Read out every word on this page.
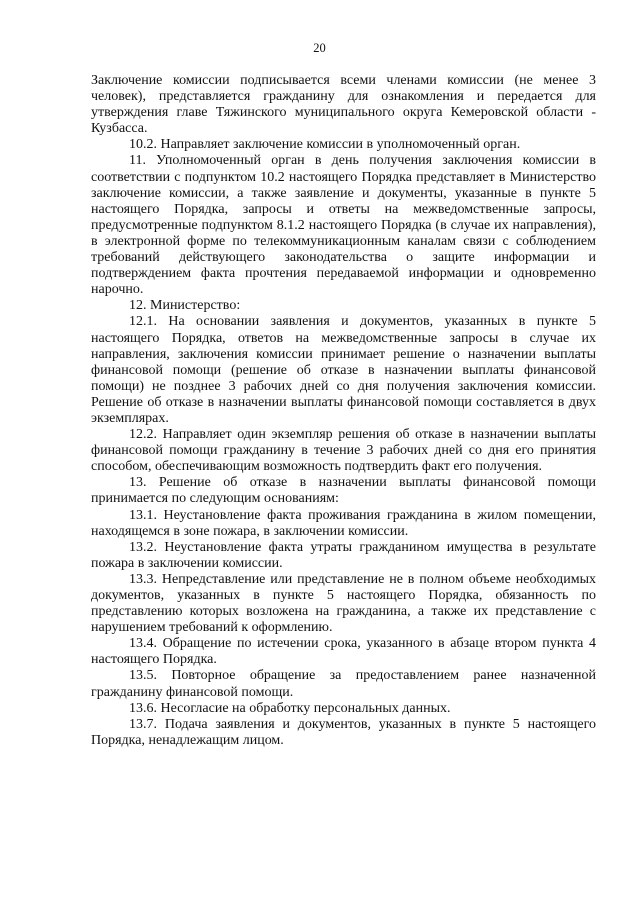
20

Заключение комиссии подписывается всеми членами комиссии (не менее 3 человек), представляется гражданину для ознакомления и передается для утверждения главе Тяжинского муниципального округа Кемеровской области - Кузбасса.

10.2. Направляет заключение комиссии в уполномоченный орган.

11. Уполномоченный орган в день получения заключения комиссии в соответствии с подпунктом 10.2 настоящего Порядка представляет в Министерство заключение комиссии, а также заявление и документы, указанные в пункте 5 настоящего Порядка, запросы и ответы на межведомственные запросы, предусмотренные подпунктом 8.1.2 настоящего Порядка (в случае их направления), в электронной форме по телекоммуникационным каналам связи с соблюдением требований действующего законодательства о защите информации и подтверждением факта прочтения передаваемой информации и одновременно нарочно.

12. Министерство:

12.1. На основании заявления и документов, указанных в пункте 5 настоящего Порядка, ответов на межведомственные запросы в случае их направления, заключения комиссии принимает решение о назначении выплаты финансовой помощи (решение об отказе в назначении выплаты финансовой помощи) не позднее 3 рабочих дней со дня получения заключения комиссии. Решение об отказе в назначении выплаты финансовой помощи составляется в двух экземплярах.

12.2. Направляет один экземпляр решения об отказе в назначении выплаты финансовой помощи гражданину в течение 3 рабочих дней со дня его принятия способом, обеспечивающим возможность подтвердить факт его получения.

13. Решение об отказе в назначении выплаты финансовой помощи принимается по следующим основаниям:

13.1. Неустановление факта проживания гражданина в жилом помещении, находящемся в зоне пожара, в заключении комиссии.

13.2. Неустановление факта утраты гражданином имущества в результате пожара в заключении комиссии.

13.3. Непредставление или представление не в полном объеме необходимых документов, указанных в пункте 5 настоящего Порядка, обязанность по представлению которых возложена на гражданина, а также их представление с нарушением требований к оформлению.

13.4. Обращение по истечении срока, указанного в абзаце втором пункта 4 настоящего Порядка.

13.5. Повторное обращение за предоставлением ранее назначенной гражданину финансовой помощи.

13.6. Несогласие на обработку персональных данных.

13.7. Подача заявления и документов, указанных в пункте 5 настоящего Порядка, ненадлежащим лицом.
